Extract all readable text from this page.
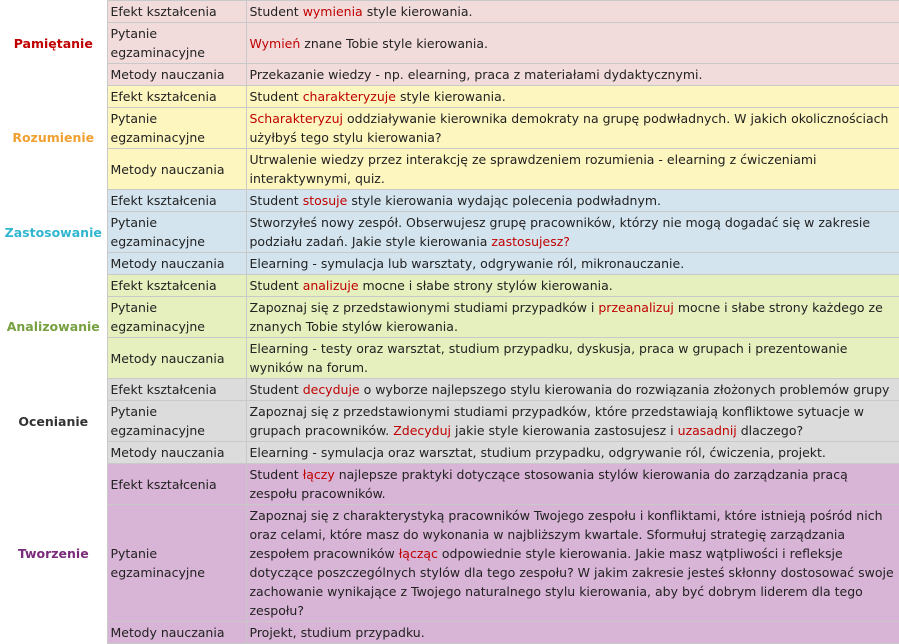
Pamiętanie	Efekt kształcenia	Student wymienia style kierowania.
	Pytanie egzaminacyjne	Wymień znane Tobie style kierowania.
	Metody nauczania	Przekazanie wiedzy - np. elearning, praca z materiałami dydaktycznymi.
Rozumienie	Efekt kształcenia	Student charakteryzuje style kierowania.
	Pytanie egzaminacyjne	Scharakteryzuj oddziaływanie kierownika demokraty na grupę podwładnych. W jakich okolicznościach użyłbyś tego stylu kierowania?
	Metody nauczania	Utrwalenie wiedzy przez interakcję ze sprawdzeniem rozumienia - elearning z ćwiczeniami interaktywnymi, quiz.
Zastosowanie	Efekt kształcenia	Student stosuje style kierowania wydając polecenia podwładnym.
	Pytanie egzaminacyjne	Stworzyłeś nowy zespół. Obserwujesz grupę pracowników, którzy nie mogą dogadać się w zakresie podziału zadań. Jakie style kierowania zastosujesz?
	Metody nauczania	Elearning - symulacja lub warsztaty, odgrywanie ról, mikronauczanie.
Analizowanie	Efekt kształcenia	Student analizuje mocne i słabe strony stylów kierowania.
	Pytanie egzaminacyjne	Zapoznaj się z przedstawionymi studiami przypadków i przeanalizuj mocne i słabe strony każdego ze znanych Tobie stylów kierowania.
	Metody nauczania	Elearning - testy oraz warsztat, studium przypadku, dyskusja, praca w grupach i prezentowanie wyników na forum.
Ocenianie	Efekt kształcenia	Student decyduje o wyborze najlepszego stylu kierowania do rozwiązania złożonych problemów grupy
	Pytanie egzaminacyjne	Zapoznaj się z przedstawionymi studiami przypadków, które przedstawiają konfliktowe sytuacje w grupach pracowników. Zdecyduj jakie style kierowania zastosujesz i uzasadnij dlaczego?
	Metody nauczania	Elearning - symulacja oraz warsztat, studium przypadku, odgrywanie ról, ćwiczenia, projekt.
Tworzenie	Efekt kształcenia	Student łączy najlepsze praktyki dotyczące stosowania stylów kierowania do zarządzania pracą zespołu pracowników.
	Pytanie egzaminacyjne	Zapoznaj się z charakterystyką pracowników Twojego zespołu i konfliktami, które istnieją pośród nich oraz celami, które masz do wykonania w najbliższym kwartale. Sformułuj strategię zarządzania zespołem pracowników łącząc odpowiednie style kierowania. Jakie masz wątpliwości i refleksje dotyczące poszczególnych stylów dla tego zespołu? W jakim zakresie jesteś skłonny dostosować swoje zachowanie wynikające z Twojego naturalnego stylu kierowania, aby być dobrym liderem dla tego zespołu?
	Metody nauczania	Projekt, studium przypadku.
